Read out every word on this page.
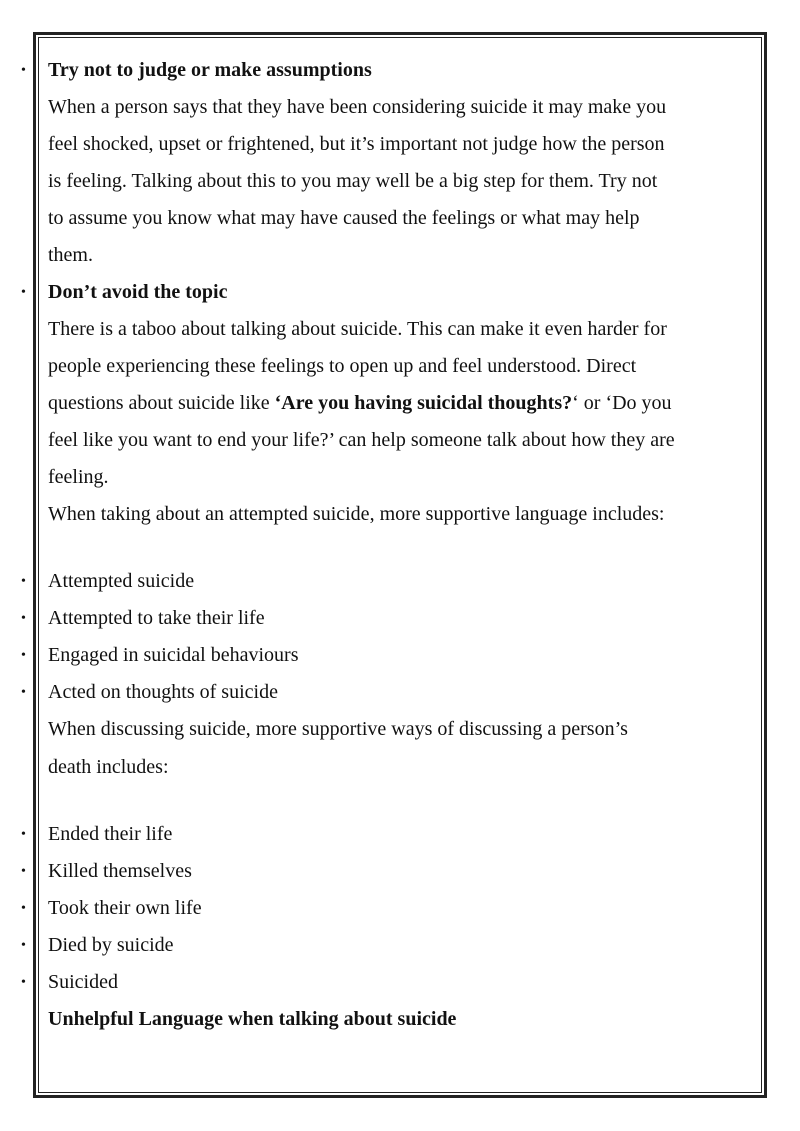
• Try not to judge or make assumptions
When a person says that they have been considering suicide it may make you
feel shocked, upset or frightened, but it’s important not judge how the person
is feeling. Talking about this to you may well be a big step for them. Try not
to assume you know what may have caused the feelings or what may help
them.
• Don’t avoid the topic
There is a taboo about talking about suicide. This can make it even harder for
people experiencing these feelings to open up and feel understood. Direct
questions about suicide like ‘Are you having suicidal thoughts?‘ or ‘Do you
feel like you want to end your life?’ can help someone talk about how they are
feeling.
When taking about an attempted suicide, more supportive language includes:
• Attempted suicide
• Attempted to take their life
• Engaged in suicidal behaviours
• Acted on thoughts of suicide
When discussing suicide, more supportive ways of discussing a person’s
death includes:
• Ended their life
• Killed themselves
• Took their own life
• Died by suicide
• Suicided
Unhelpful Language when talking about suicide
